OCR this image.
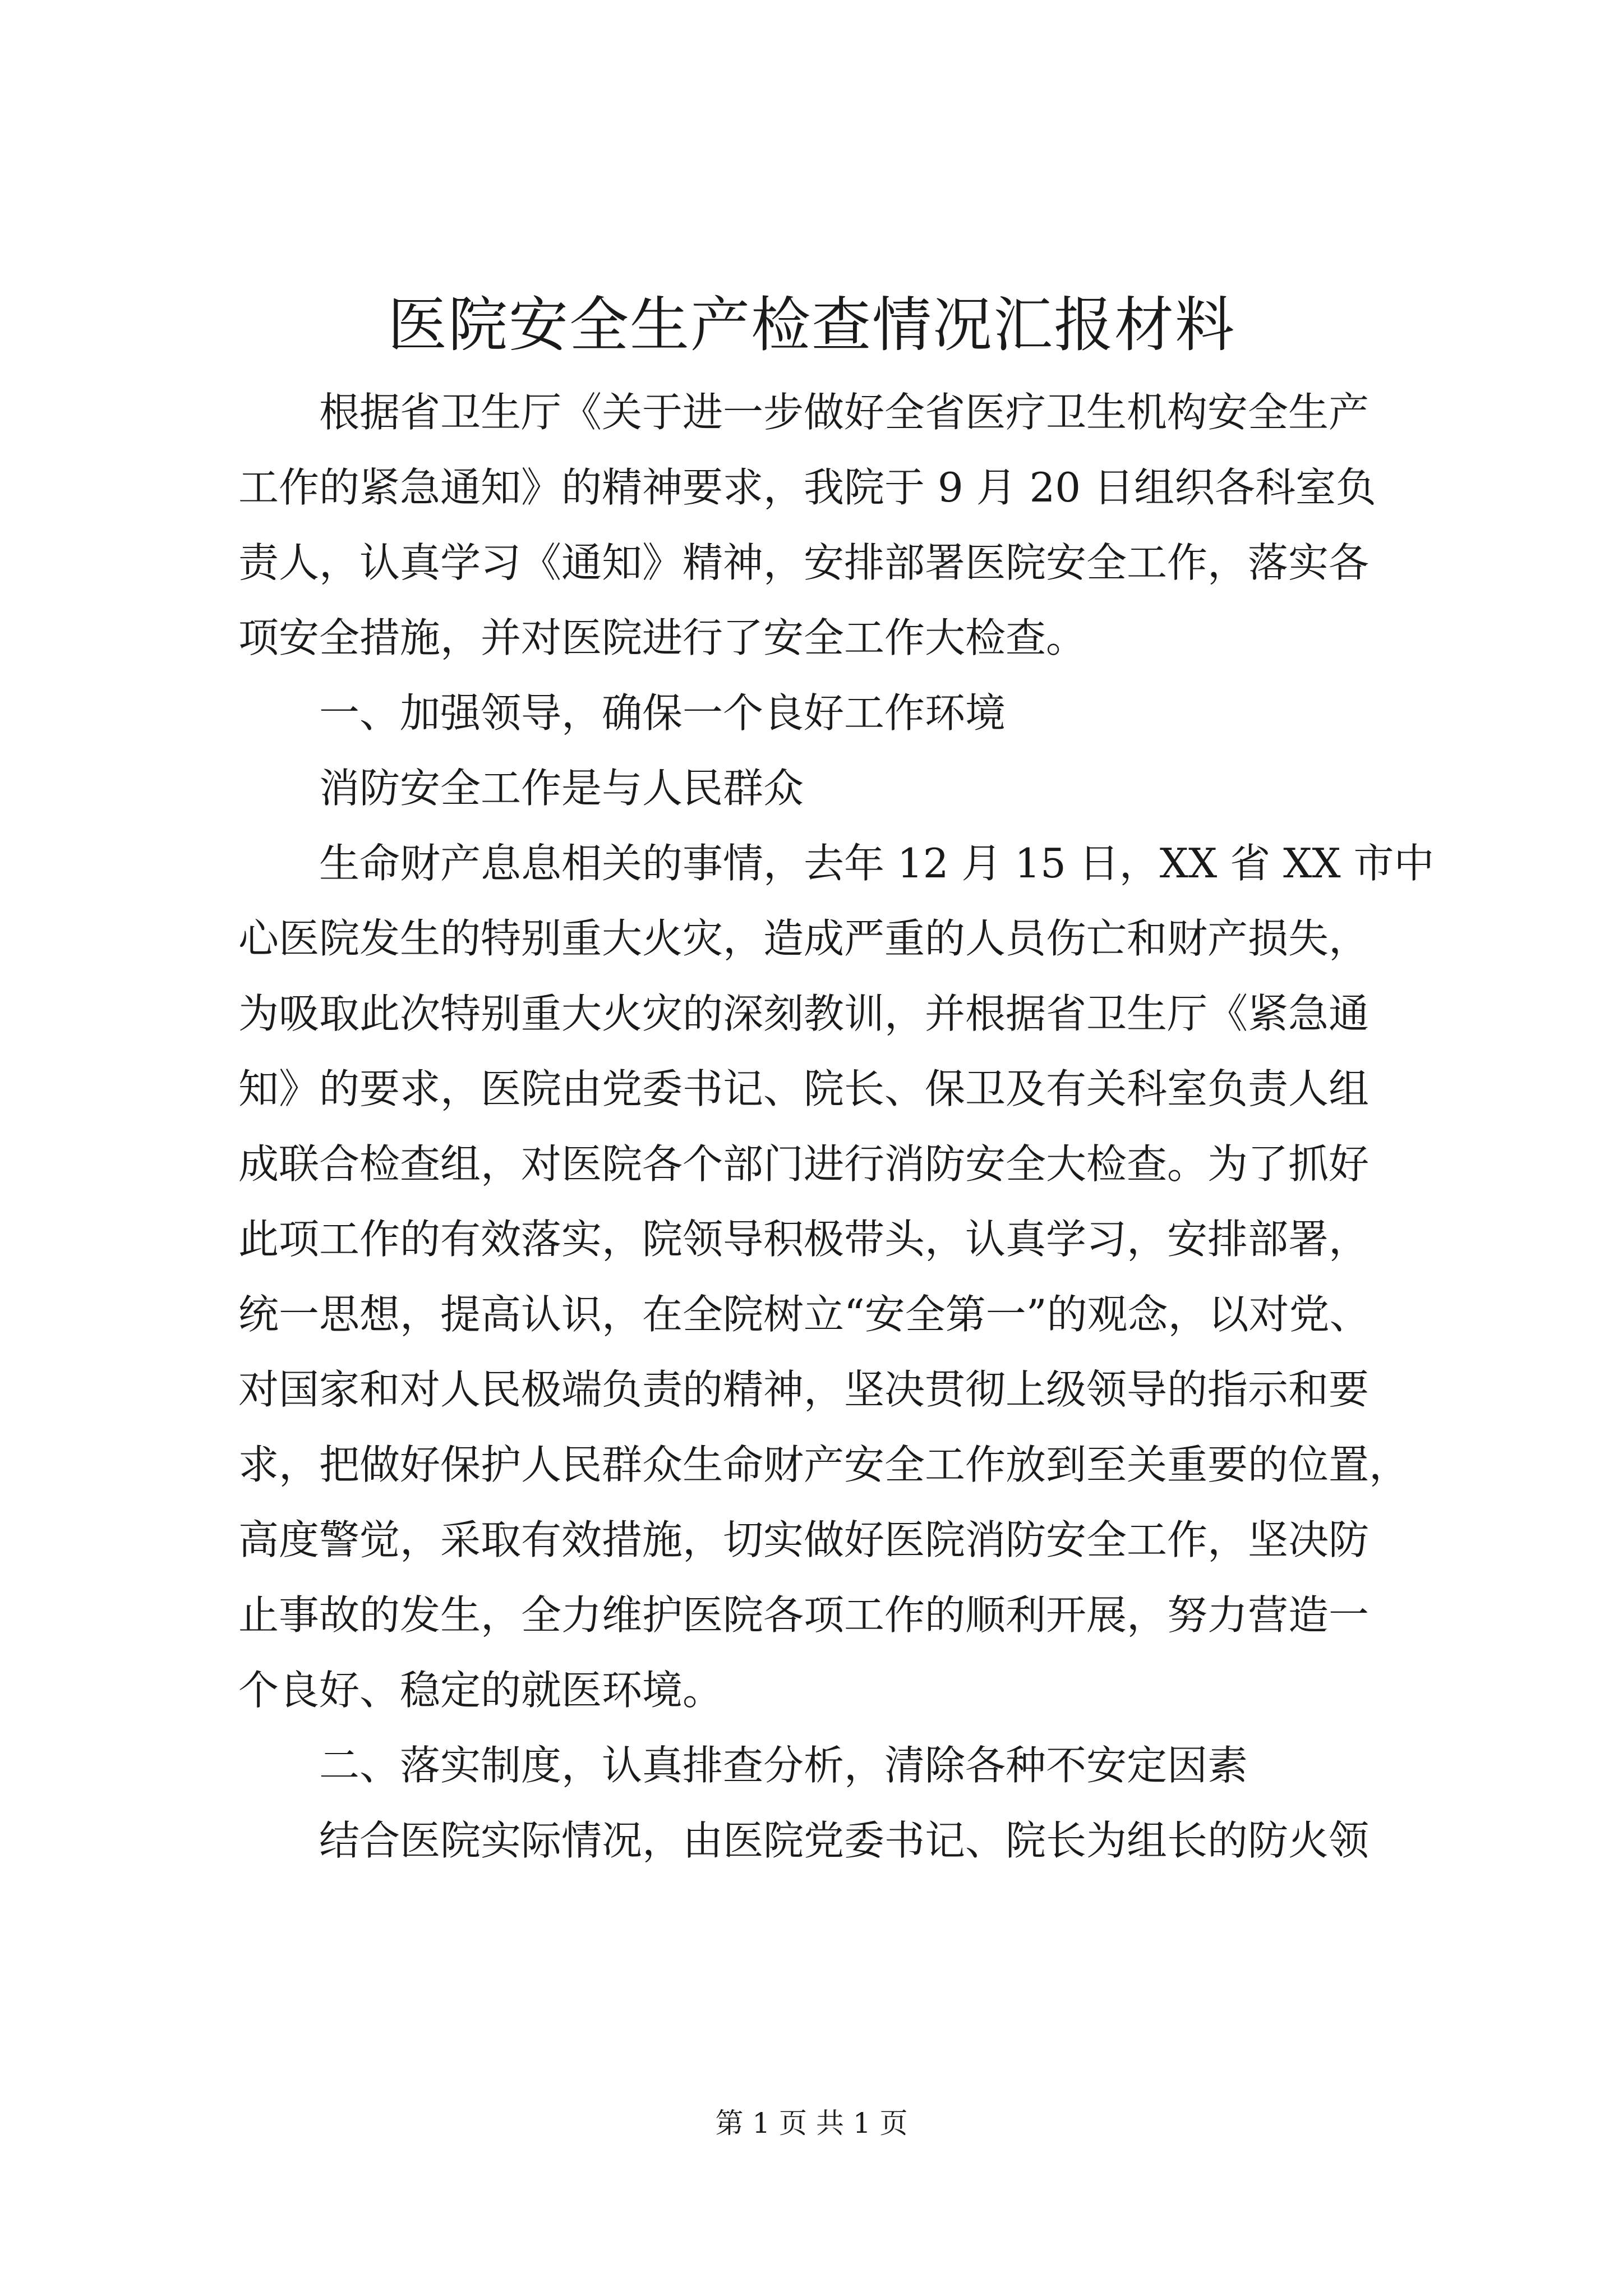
医院安全生产检查情况汇报材料
　　根据省卫生厅《关于进一步做好全省医疗卫生机构安全生产
工作的紧急通知》的精神要求，我院于 9 月 20 日组织各科室负
责人，认真学习《通知》精神，安排部署医院安全工作，落实各
项安全措施，并对医院进行了安全工作大检查。
　　一、加强领导，确保一个良好工作环境
　　消防安全工作是与人民群众
　　生命财产息息相关的事情，去年 12 月 15 日，XX 省 XX 市中
心医院发生的特别重大火灾，造成严重的人员伤亡和财产损失，
为吸取此次特别重大火灾的深刻教训，并根据省卫生厅《紧急通
知》的要求，医院由党委书记、院长、保卫及有关科室负责人组
成联合检查组，对医院各个部门进行消防安全大检查。为了抓好
此项工作的有效落实，院领导积极带头，认真学习，安排部署，
统一思想，提高认识，在全院树立“安全第一”的观念，以对党、
对国家和对人民极端负责的精神，坚决贯彻上级领导的指示和要
求，把做好保护人民群众生命财产安全工作放到至关重要的位置，
高度警觉，采取有效措施，切实做好医院消防安全工作，坚决防
止事故的发生，全力维护医院各项工作的顺利开展，努力营造一
个良好、稳定的就医环境。
　　二、落实制度，认真排查分析，清除各种不安定因素
　　结合医院实际情况，由医院党委书记、院长为组长的防火领
第 1 页 共 1 页
